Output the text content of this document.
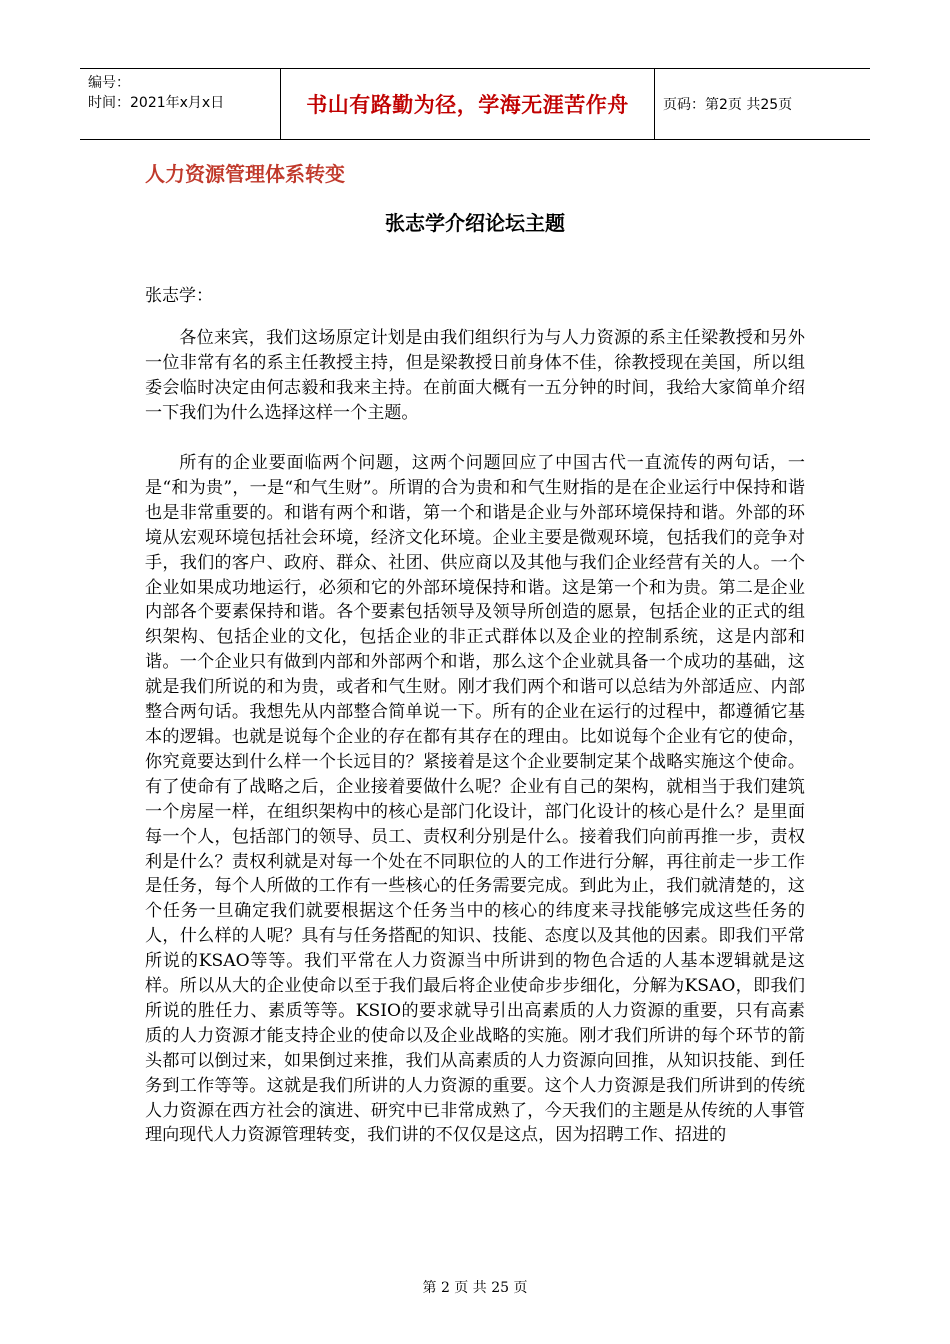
编号：
时间：2021年x月x日	书山有路勤为径，学海无涯苦作舟	页码：第2页 共25页
人力资源管理体系转变
张志学介绍论坛主题

张志学：

各位来宾，我们这场原定计划是由我们组织行为与人力资源的系主任梁教授和另外一位非常有名的系主任教授主持，但是梁教授日前身体不佳，徐教授现在美国，所以组委会临时决定由何志毅和我来主持。在前面大概有一五分钟的时间，我给大家简单介绍一下我们为什么选择这样一个主题。

所有的企业要面临两个问题，这两个问题回应了中国古代一直流传的两句话，一是“和为贵”，一是“和气生财”。所谓的合为贵和和气生财指的是在企业运行中保持和谐也是非常重要的。和谐有两个和谐，第一个和谐是企业与外部环境保持和谐。外部的环境从宏观环境包括社会环境，经济文化环境。企业主要是微观环境，包括我们的竞争对手，我们的客户、政府、群众、社团、供应商以及其他与我们企业经营有关的人。一个企业如果成功地运行，必须和它的外部环境保持和谐。这是第一个和为贵。第二是企业内部各个要素保持和谐。各个要素包括领导及领导所创造的愿景，包括企业的正式的组织架构、包括企业的文化，包括企业的非正式群体以及企业的控制系统，这是内部和谐。一个企业只有做到内部和外部两个和谐，那么这个企业就具备一个成功的基础，这就是我们所说的和为贵，或者和气生财。刚才我们两个和谐可以总结为外部适应、内部整合两句话。我想先从内部整合简单说一下。所有的企业在运行的过程中，都遵循它基本的逻辑。也就是说每个企业的存在都有其存在的理由。比如说每个企业有它的使命，你究竟要达到什么样一个长远目的？紧接着是这个企业要制定某个战略实施这个使命。有了使命有了战略之后，企业接着要做什么呢？企业有自己的架构，就相当于我们建筑一个房屋一样，在组织架构中的核心是部门化设计，部门化设计的核心是什么？是里面每一个人，包括部门的领导、员工、责权利分别是什么。接着我们向前再推一步，责权利是什么？责权利就是对每一个处在不同职位的人的工作进行分解，再往前走一步工作是任务，每个人所做的工作有一些核心的任务需要完成。到此为止，我们就清楚的，这个任务一旦确定我们就要根据这个任务当中的核心的纬度来寻找能够完成这些任务的人，什么样的人呢？具有与任务搭配的知识、技能、态度以及其他的因素。即我们平常所说的KSAO等等。我们平常在人力资源当中所讲到的物色合适的人基本逻辑就是这样。所以从大的企业使命以至于我们最后将企业使命步步细化，分解为KSAO，即我们所说的胜任力、素质等等。KSIO的要求就导引出高素质的人力资源的重要，只有高素质的人力资源才能支持企业的使命以及企业战略的实施。刚才我们所讲的每个环节的箭头都可以倒过来，如果倒过来推，我们从高素质的人力资源向回推，从知识技能、到任务到工作等等。这就是我们所讲的人力资源的重要。这个人力资源是我们所讲到的传统人力资源在西方社会的演进、研究中已非常成熟了，今天我们的主题是从传统的人事管理向现代人力资源管理转变，我们讲的不仅仅是这点，因为招聘工作、招进的

第 2 页 共 25 页
